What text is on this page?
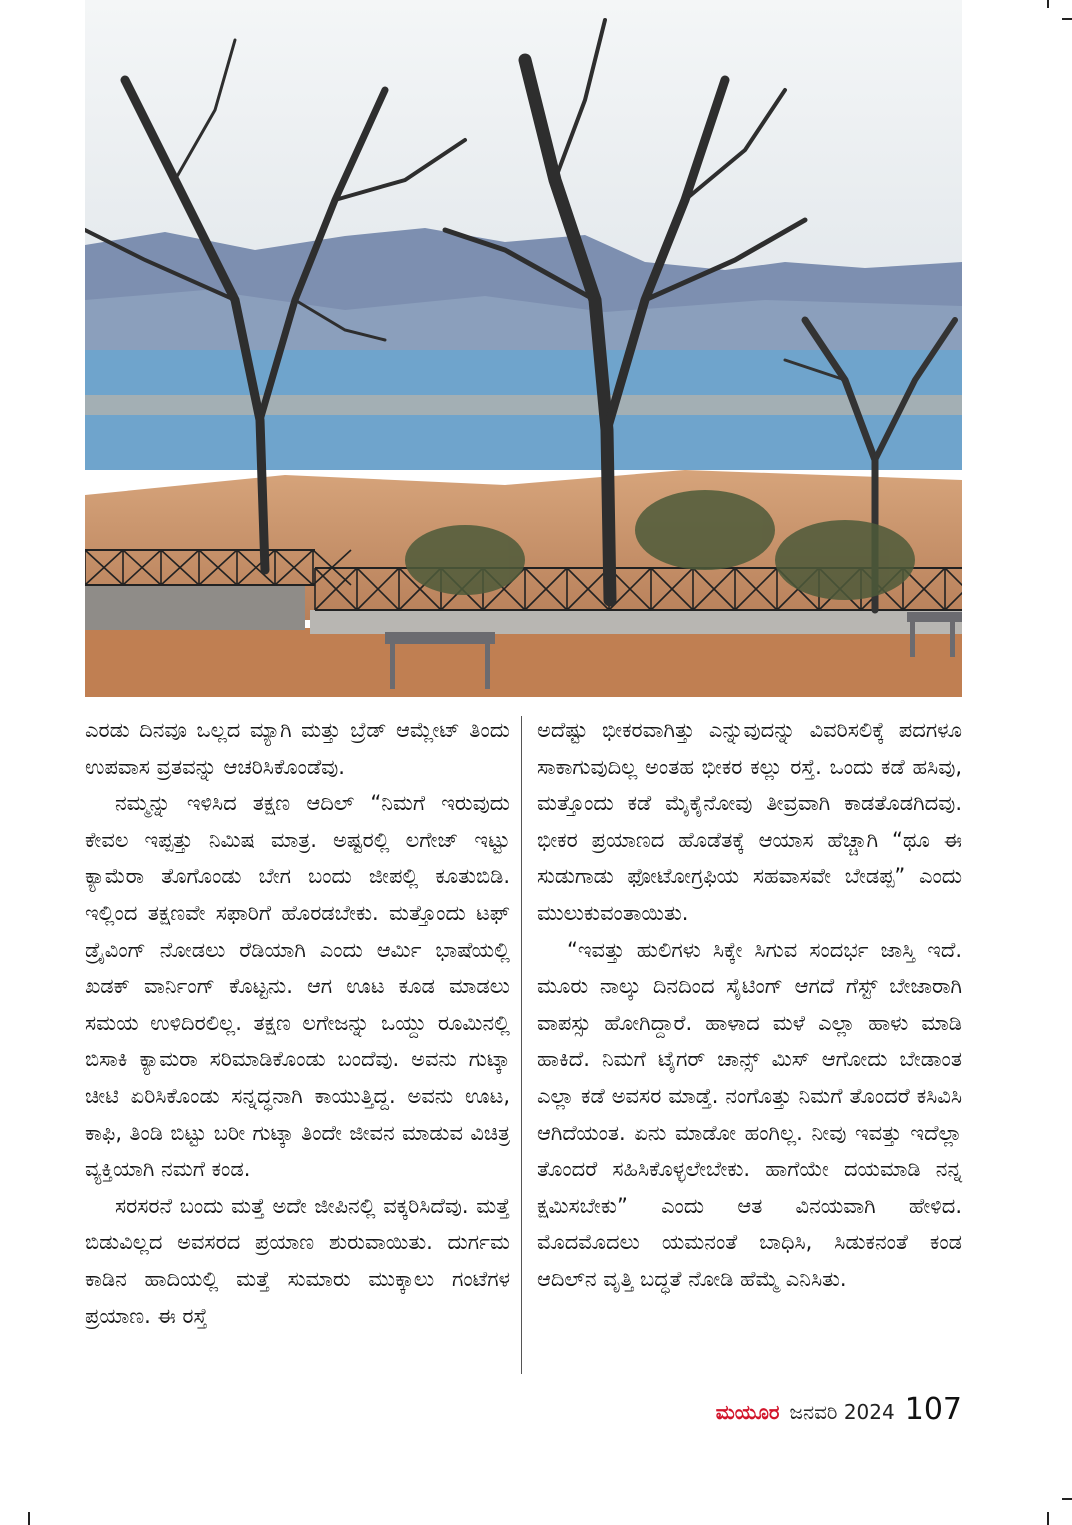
ಎರಡು ದಿನವೂ ಒಲ್ಲದ ಮ್ಯಾಗಿ ಮತ್ತು ಬ್ರೆಡ್ ಆಮ್ಲೇಟ್ ತಿಂದು ಉಪವಾಸ ವ್ರತವನ್ನು ಆಚರಿಸಿಕೊಂಡೆವು.

ನಮ್ಮನ್ನು ಇಳಿಸಿದ ತಕ್ಷಣ ಆದಿಲ್ “ನಿಮಗೆ ಇರುವುದು ಕೇವಲ ಇಪ್ಪತ್ತು ನಿಮಿಷ ಮಾತ್ರ. ಅಷ್ಟರಲ್ಲಿ ಲಗೇಜ್ ಇಟ್ಟು ಕ್ಯಾಮೆರಾ ತೊಗೊಂಡು ಬೇಗ ಬಂದು ಜೀಪಲ್ಲಿ ಕೂತುಬಿಡಿ. ಇಲ್ಲಿಂದ ತಕ್ಷಣವೇ ಸಫಾರಿಗೆ ಹೊರಡಬೇಕು. ಮತ್ತೊಂದು ಟಫ್ ಡ್ರೈವಿಂಗ್ ನೋಡಲು ರೆಡಿಯಾಗಿ ಎಂದು ಆರ್ಮಿ ಭಾಷೆಯಲ್ಲಿ ಖಡಕ್ ವಾರ್ನಿಂಗ್ ಕೊಟ್ಟನು. ಆಗ ಊಟ ಕೂಡ ಮಾಡಲು ಸಮಯ ಉಳಿದಿರಲಿಲ್ಲ. ತಕ್ಷಣ ಲಗೇಜನ್ನು ಒಯ್ದು ರೂಮಿನಲ್ಲಿ ಬಿಸಾಕಿ ಕ್ಯಾಮರಾ ಸರಿಮಾಡಿಕೊಂಡು ಬಂದೆವು. ಅವನು ಗುಟ್ಕಾ ಚೀಟಿ ಏರಿಸಿಕೊಂಡು ಸನ್ನದ್ಧನಾಗಿ ಕಾಯುತ್ತಿದ್ದ. ಅವನು ಊಟ, ಕಾಫಿ, ತಿಂಡಿ ಬಿಟ್ಟು ಬರೀ ಗುಟ್ಕಾ ತಿಂದೇ ಜೀವನ ಮಾಡುವ ವಿಚಿತ್ರ ವ್ಯಕ್ತಿಯಾಗಿ ನಮಗೆ ಕಂಡ.

ಸರಸರನೆ ಬಂದು ಮತ್ತೆ ಅದೇ ಜೀಪಿನಲ್ಲಿ ವಕ್ಕರಿಸಿದೆವು. ಮತ್ತೆ ಬಿಡುವಿಲ್ಲದ ಅವಸರದ ಪ್ರಯಾಣ ಶುರುವಾಯಿತು. ದುರ್ಗಮ ಕಾಡಿನ ಹಾದಿಯಲ್ಲಿ ಮತ್ತೆ ಸುಮಾರು ಮುಕ್ಕಾಲು ಗಂಟೆಗಳ ಪ್ರಯಾಣ. ಈ ರಸ್ತೆ

ಅದೆಷ್ಟು ಭೀಕರವಾಗಿತ್ತು ಎನ್ನುವುದನ್ನು ವಿವರಿಸಲಿಕ್ಕೆ ಪದಗಳೂ ಸಾಕಾಗುವುದಿಲ್ಲ ಅಂತಹ ಭೀಕರ ಕಲ್ಲು ರಸ್ತೆ. ಒಂದು ಕಡೆ ಹಸಿವು, ಮತ್ತೊಂದು ಕಡೆ ಮೈಕೈನೋವು ತೀವ್ರವಾಗಿ ಕಾಡತೊಡಗಿದವು. ಭೀಕರ ಪ್ರಯಾಣದ ಹೊಡೆತಕ್ಕೆ ಆಯಾಸ ಹೆಚ್ಚಾಗಿ “ಥೂ ಈ ಸುಡುಗಾಡು ಫೋಟೋಗ್ರಫಿಯ ಸಹವಾಸವೇ ಬೇಡಪ್ಪ” ಎಂದು ಮುಲುಕುವಂತಾಯಿತು.

“ಇವತ್ತು ಹುಲಿಗಳು ಸಿಕ್ಕೇ ಸಿಗುವ ಸಂದರ್ಭ ಜಾಸ್ತಿ ಇದೆ. ಮೂರು ನಾಲ್ಕು ದಿನದಿಂದ ಸೈಟಿಂಗ್ ಆಗದೆ ಗೆಸ್ಟ್ ಬೇಜಾರಾಗಿ ವಾಪಸ್ಸು ಹೋಗಿದ್ದಾರೆ. ಹಾಳಾದ ಮಳೆ ಎಲ್ಲಾ ಹಾಳು ಮಾಡಿ ಹಾಕಿದೆ. ನಿಮಗೆ ಟೈಗರ್ ಚಾನ್ಸ್ ಮಿಸ್ ಆಗೋದು ಬೇಡಾಂತ ಎಲ್ಲಾ ಕಡೆ ಅವಸರ ಮಾಡ್ತೆ. ನಂಗೊತ್ತು ನಿಮಗೆ ತೊಂದರೆ ಕಸಿವಿಸಿ ಆಗಿದೆಯಂತ. ಏನು ಮಾಡೋ ಹಂಗಿಲ್ಲ. ನೀವು ಇವತ್ತು ಇದೆಲ್ಲಾ ತೊಂದರೆ ಸಹಿಸಿಕೊಳ್ಳಲೇಬೇಕು. ಹಾಗೆಯೇ ದಯಮಾಡಿ ನನ್ನ ಕ್ಷಮಿಸಬೇಕು” ಎಂದು ಆತ ವಿನಯವಾಗಿ ಹೇಳಿದ. ಮೊದಮೊದಲು ಯಮನಂತೆ ಬಾಧಿಸಿ, ಸಿಡುಕನಂತೆ ಕಂಡ ಆದಿಲ್‌ನ ವೃತ್ತಿ ಬದ್ಧತೆ ನೋಡಿ ಹೆಮ್ಮೆ ಎನಿಸಿತು.

ಮಯೂರ ಜನವರಿ 2024 107
